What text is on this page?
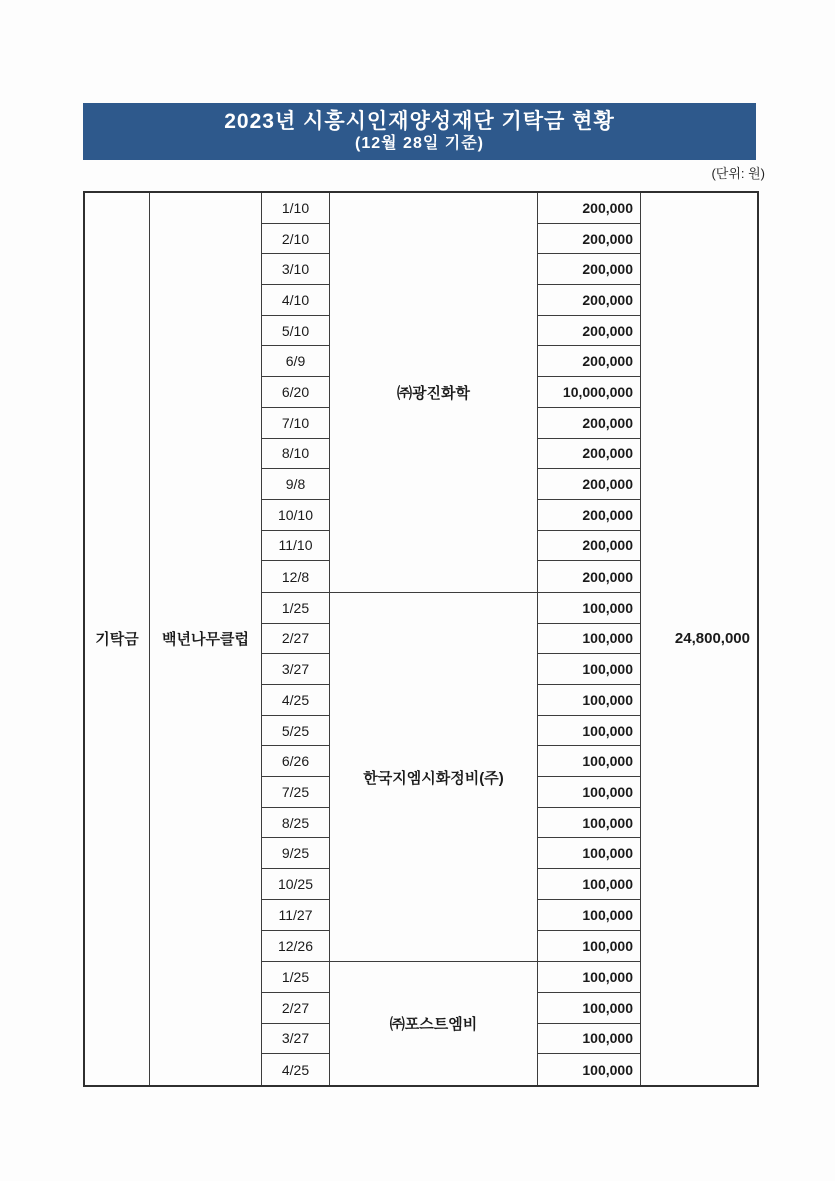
2023년 시흥시인재양성재단 기탁금 현황
(12월 28일 기준)
(단위: 원)
기탁금	백년나무클럽
1/10
2/10
3/10
4/10
5/10
6/9
6/20
7/10
8/10
9/8
10/10
11/10
12/8
㈜광진화학
200,000
200,000
200,000
200,000
200,000
200,000
10,000,000
200,000
200,000
200,000
200,000
200,000
200,000
1/25
2/27
3/27
4/25
5/25
6/26
7/25
8/25
9/25
10/25
11/27
12/26
한국지엠시화정비(주)
100,000
100,000
100,000
100,000
100,000
100,000
100,000
100,000
100,000
100,000
100,000
100,000
1/25
2/27
3/27
4/25
㈜포스트엠비
100,000
100,000
100,000
100,000
24,800,000
